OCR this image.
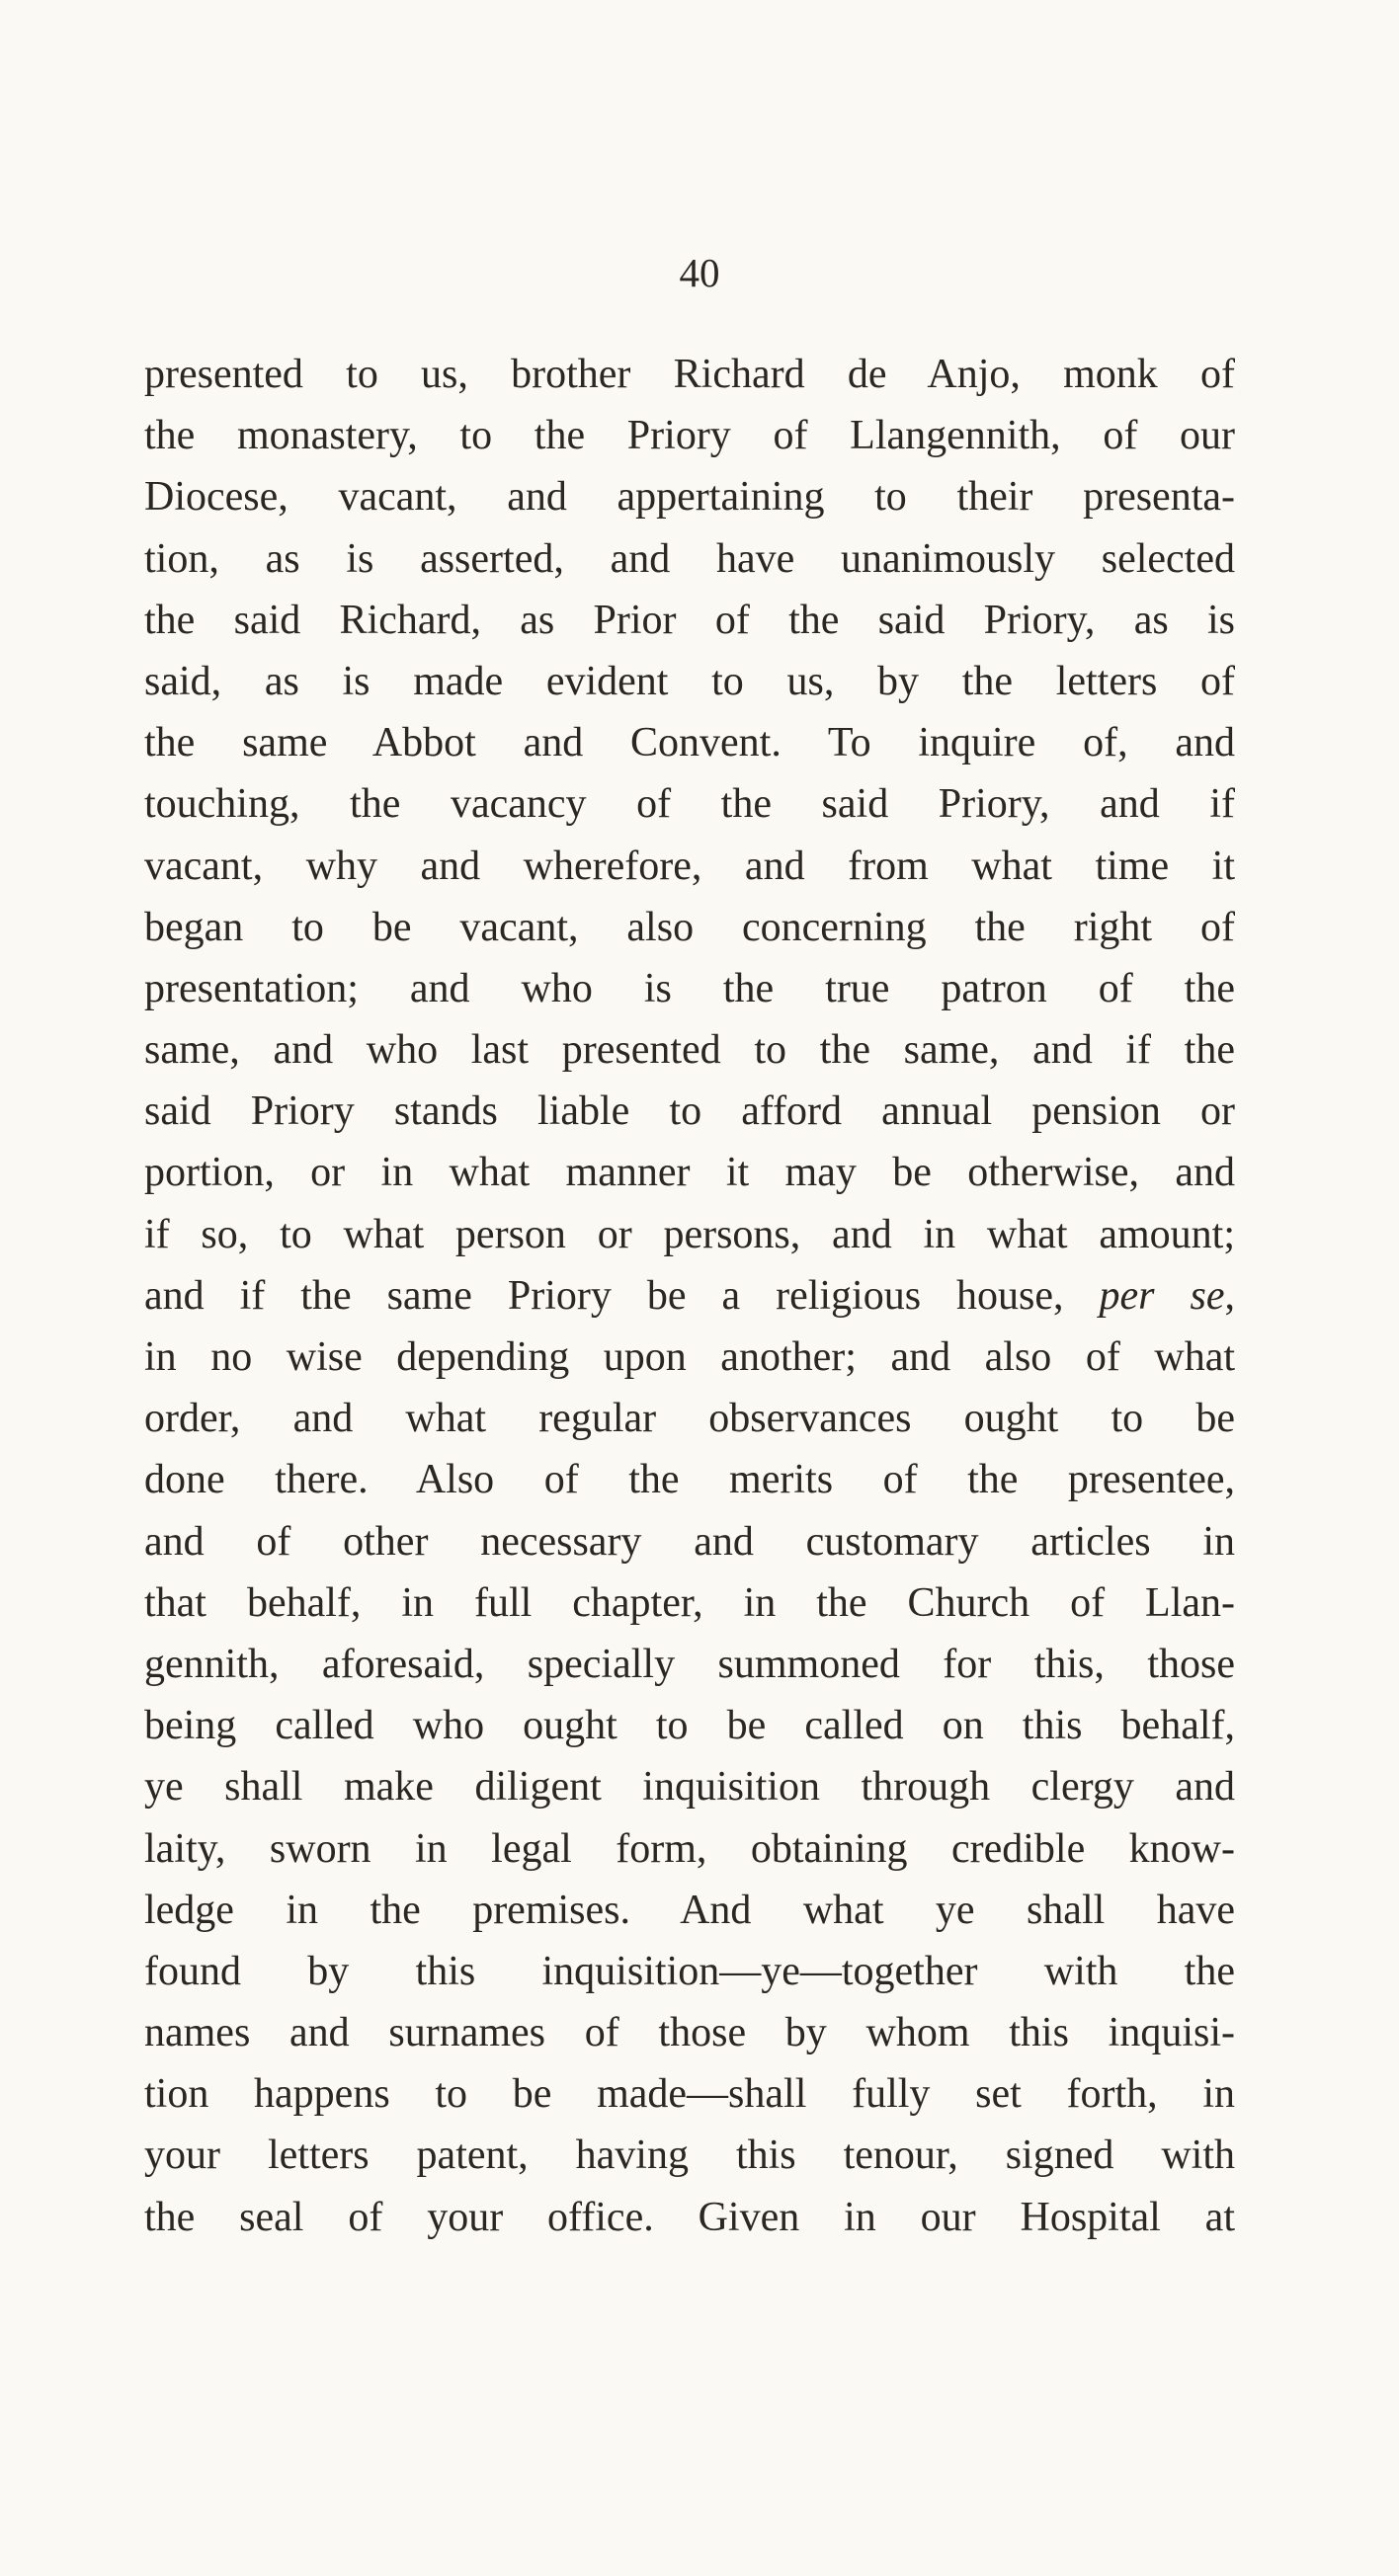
40
presented to us, brother Richard de Anjo, monk of
the monastery, to the Priory of Llangennith, of our
Diocese, vacant, and appertaining to their presenta-
tion, as is asserted, and have unanimously selected
the said Richard, as Prior of the said Priory, as is
said, as is made evident to us, by the letters of
the same Abbot and Convent. To inquire of, and
touching, the vacancy of the said Priory, and if
vacant, why and wherefore, and from what time it
began to be vacant, also concerning the right of
presentation; and who is the true patron of the
same, and who last presented to the same, and if the
said Priory stands liable to afford annual pension or
portion, or in what manner it may be otherwise, and
if so, to what person or persons, and in what amount;
and if the same Priory be a religious house, per se,
in no wise depending upon another; and also of what
order, and what regular observances ought to be
done there. Also of the merits of the presentee,
and of other necessary and customary articles in
that behalf, in full chapter, in the Church of Llan-
gennith, aforesaid, specially summoned for this, those
being called who ought to be called on this behalf,
ye shall make diligent inquisition through clergy and
laity, sworn in legal form, obtaining credible know-
ledge in the premises. And what ye shall have
found by this inquisition—ye—together with the
names and surnames of those by whom this inquisi-
tion happens to be made—shall fully set forth, in
your letters patent, having this tenour, signed with
the seal of your office. Given in our Hospital at
